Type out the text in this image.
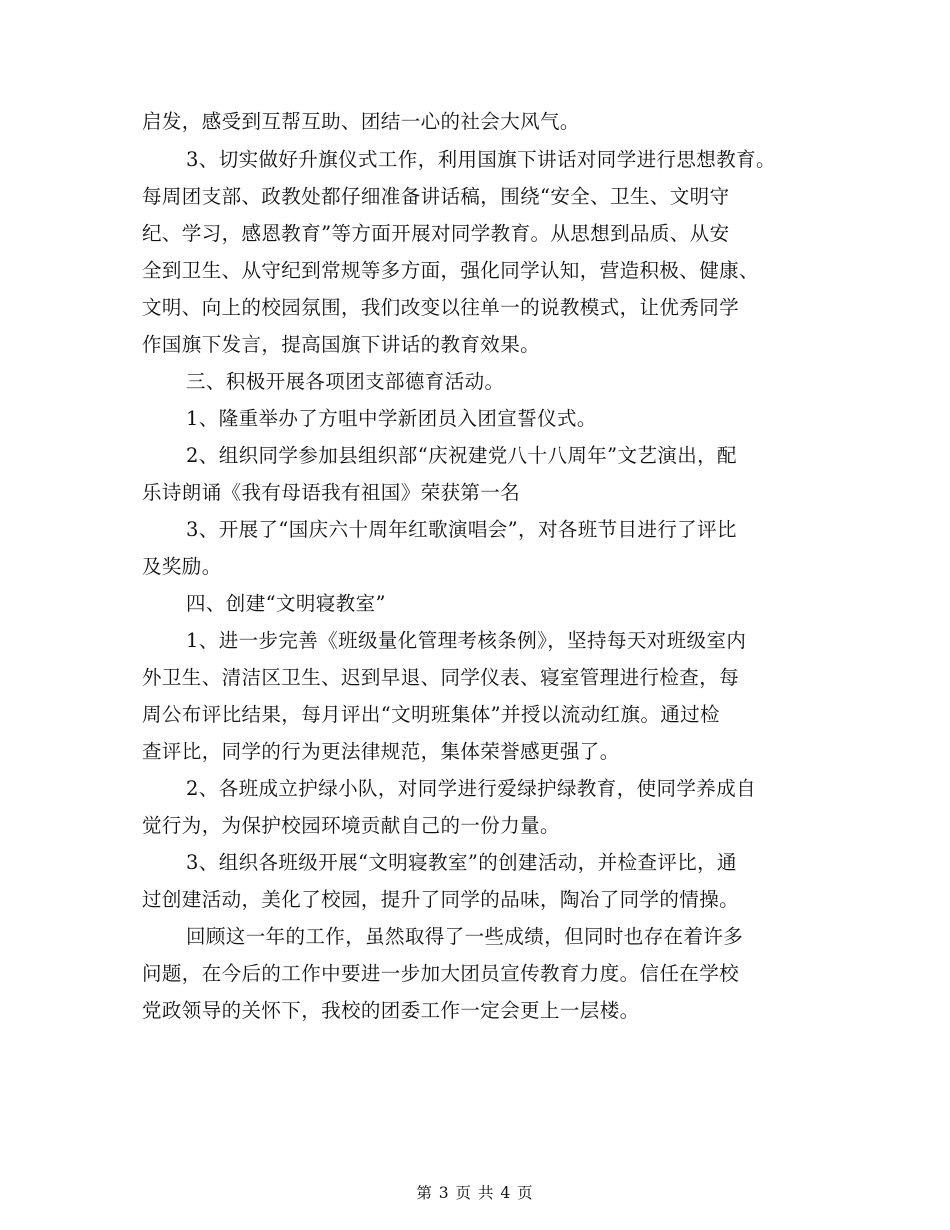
启发，感受到互帮互助、团结一心的社会大风气。
3、切实做好升旗仪式工作，利用国旗下讲话对同学进行思想教育。
每周团支部、政教处都仔细准备讲话稿，围绕“安全、卫生、文明守
纪、学习，感恩教育”等方面开展对同学教育。从思想到品质、从安
全到卫生、从守纪到常规等多方面，强化同学认知，营造积极、健康、
文明、向上的校园氛围，我们改变以往单一的说教模式，让优秀同学
作国旗下发言，提高国旗下讲话的教育效果。
三、积极开展各项团支部德育活动。
1、隆重举办了方咀中学新团员入团宣誓仪式。
2、组织同学参加县组织部“庆祝建党八十八周年”文艺演出，配
乐诗朗诵《我有母语我有祖国》荣获第一名
3、开展了“国庆六十周年红歌演唱会”，对各班节目进行了评比
及奖励。
四、创建“文明寝教室”
1、进一步完善《班级量化管理考核条例》，坚持每天对班级室内
外卫生、清洁区卫生、迟到早退、同学仪表、寝室管理进行检查，每
周公布评比结果，每月评出“文明班集体”并授以流动红旗。通过检
查评比，同学的行为更法律规范，集体荣誉感更强了。
2、各班成立护绿小队，对同学进行爱绿护绿教育，使同学养成自
觉行为，为保护校园环境贡献自己的一份力量。
3、组织各班级开展“文明寝教室”的创建活动，并检查评比，通
过创建活动，美化了校园，提升了同学的品味，陶冶了同学的情操。
回顾这一年的工作，虽然取得了一些成绩，但同时也存在着许多
问题，在今后的工作中要进一步加大团员宣传教育力度。信任在学校
党政领导的关怀下，我校的团委工作一定会更上一层楼。
第 3 页 共 4 页
